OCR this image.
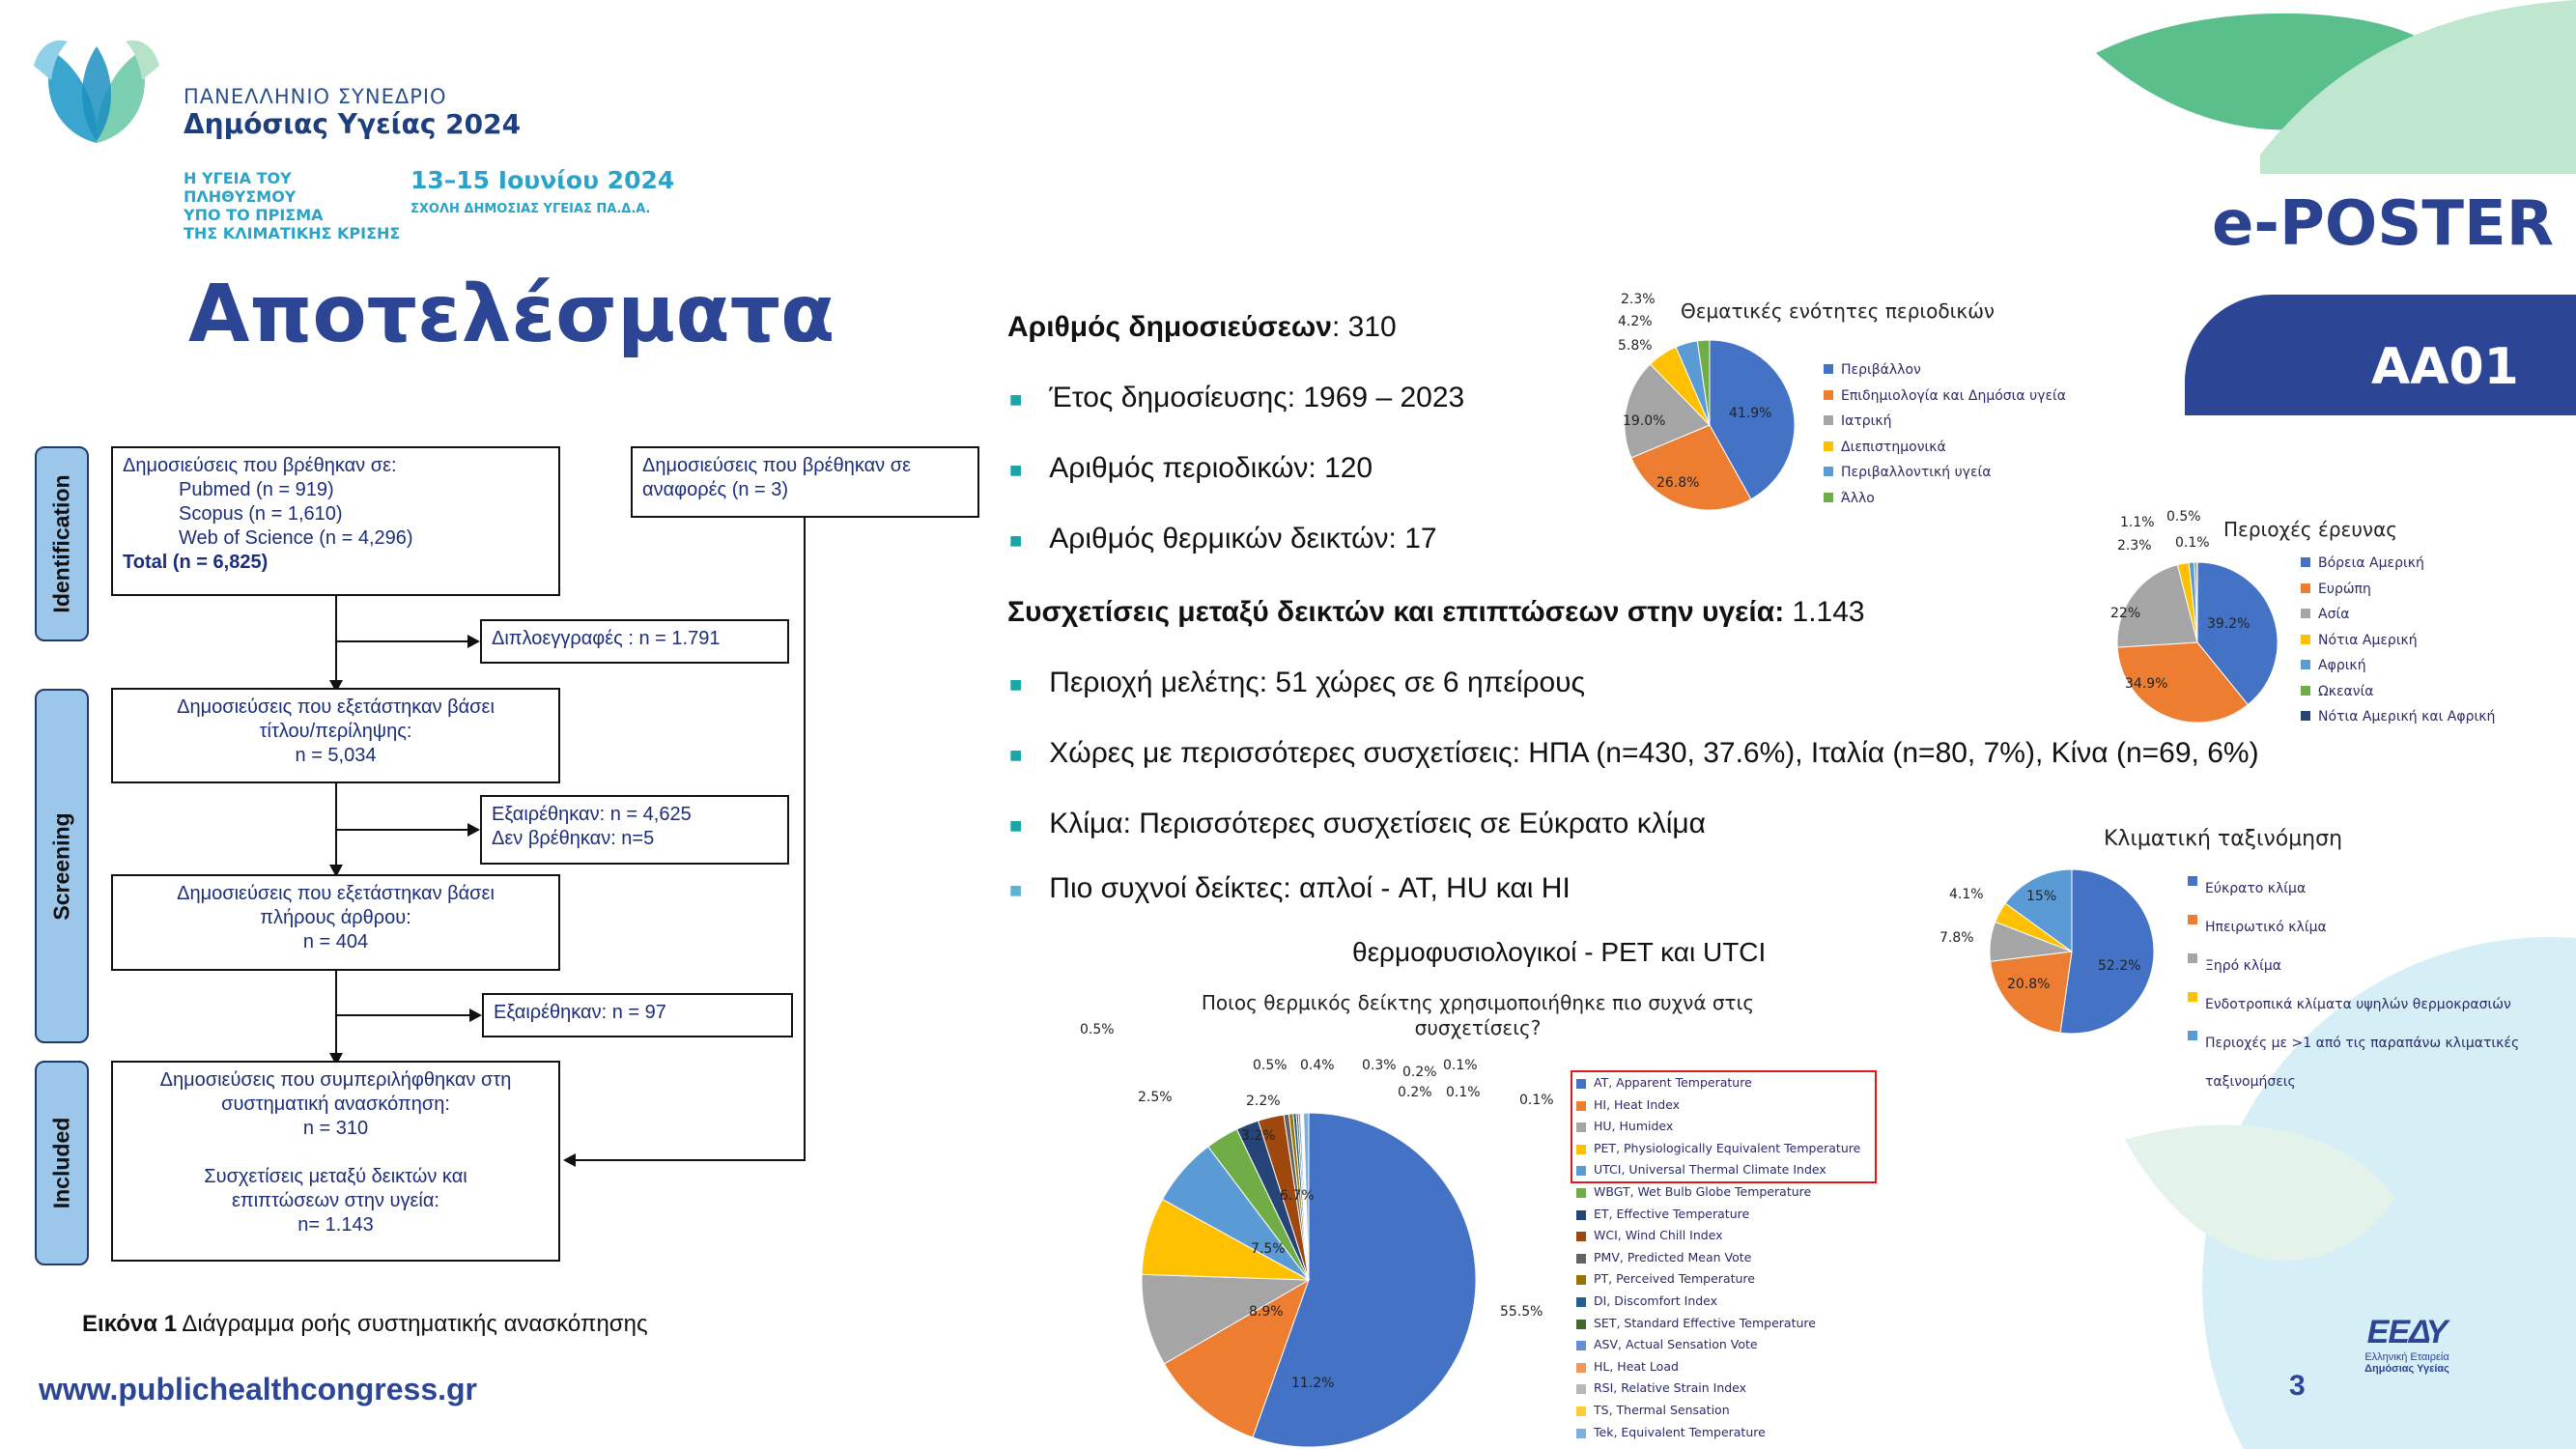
ΠΑΝΕΛΛΗΝΙΟ ΣΥΝΕΔΡΙΟ
Δημόσιας Υγείας 2024
Η ΥΓΕΙΑ ΤΟΥ ΠΛΗΘΥΣΜΟΥ
ΥΠΟ ΤΟ ΠΡΙΣΜΑ
ΤΗΣ ΚΛΙΜΑΤΙΚΗΣ ΚΡΙΣΗΣ
13–15 Ιουνίου 2024
ΣΧΟΛΗ ΔΗΜΟΣΙΑΣ ΥΓΕΙΑΣ ΠΑ.Δ.Α.	e-POSTER
AA01
Αποτελέσματα
Identification
Screening
Included
Δημοσιεύσεις που βρέθηκαν σε:
Pubmed (n = 919)
Scopus (n = 1,610)
Web of Science (n = 4,296)
Total (n = 6,825)
Δημοσιεύσεις που βρέθηκαν σε
αναφορές (n = 3)
Διπλοεγγραφές : n = 1.791
Δημοσιεύσεις που εξετάστηκαν βάσει
τίτλου/περίληψης:
n = 5,034
Εξαιρέθηκαν: n = 4,625
Δεν βρέθηκαν: n=5
Δημοσιεύσεις που εξετάστηκαν βάσει
πλήρους άρθρου:
n = 404
Εξαιρέθηκαν: n = 97
Δημοσιεύσεις που συμπεριλήφθηκαν στη
συστηματική ανασκόπηση:
n = 310
Συσχετίσεις μεταξύ δεικτών και
επιπτώσεων στην υγεία:
n= 1.143
Εικόνα 1 Διάγραμμα ροής συστηματικής ανασκόπησης
Αριθμός δημοσιεύσεων: 310
■ Έτος δημοσίευσης: 1969 – 2023
■ Αριθμός περιοδικών: 120
■ Αριθμός θερμικών δεικτών: 17
Συσχετίσεις μεταξύ δεικτών και επιπτώσεων στην υγεία: 1.143
■ Περιοχή μελέτης: 51 χώρες σε 6 ηπείρους
■ Χώρες με περισσότερες συσχετίσεις: ΗΠΑ (n=430, 37.6%), Ιταλία (n=80, 7%), Κίνα (n=69, 6%)
■ Κλίμα: Περισσότερες συσχετίσεις σε Εύκρατο κλίμα
■ Πιο συχνοί δείκτες: απλοί - AT, HU και HI
θερμοφυσιολογικοί - PET και UTCI
Θεματικές ενότητες περιοδικών
2.3%
4.2%
5.8%
19.0%	41.9%
26.8%
Περιβάλλον
Επιδημιολογία και Δημόσια υγεία
Ιατρική
Διεπιστημονικά
Περιβαλλοντική υγεία
Άλλο
Περιοχές έρευνας
1.1% 0.5%
2.3% 0.1%
22%
39.2%
34.9%
Βόρεια Αμερική
Ευρώπη
Ασία
Νότια Αμερική
Αφρική
Ωκεανία
Νότια Αμερική και Αφρική
Κλιματική ταξινόμηση
4.1%
7.8%
15%
52.2%
20.8%
Εύκρατο κλίμα
Ηπειρωτικό κλίμα
Ξηρό κλίμα
Ενδοτροπικά κλίματα υψηλών θερμοκρασιών
Περιοχές με >1 από τις παραπάνω κλιματικές ταξινομήσεις
Ποιος θερμικός δείκτης χρησιμοποιήθηκε πιο συχνά στις
συσχετίσεις?
0.5%
0.5% 0.4% 0.3% 0.2% 0.1%
0.2% 0.1%	0.1%
2.5%	2.2%
3.2%
6.7%
7.5%
8.9%
11.2%
55.5%
AT, Apparent Temperature
HI, Heat Index
HU, Humidex
PET, Physiologically Equivalent Temperature
UTCI, Universal Thermal Climate Index
WBGT, Wet Bulb Globe Temperature
ET, Effective Temperature
WCI, Wind Chill Index
PMV, Predicted Mean Vote
PT, Perceived Temperature
DI, Discomfort Index
SET, Standard Effective Temperature
ASV, Actual Sensation Vote
HL, Heat Load
RSI, Relative Strain Index
TS, Thermal Sensation
Tek, Equivalent Temperature
www.publichealthcongress.gr	3
ΕΕΔΥ
Ελληνική Εταιρεία
Δημόσιας Υγείας
